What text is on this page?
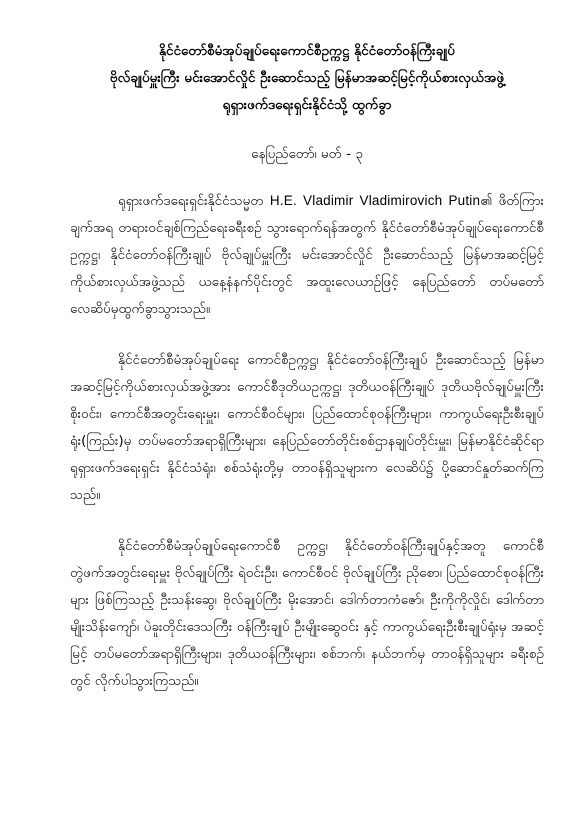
နိုင်ငံတော်စီမံအုပ်ချုပ်ရေးကောင်စီဥက္ကဋ္ဌ နိုင်ငံတော်ဝန်ကြီးချုပ်

ဗိုလ်ချုပ်မှူးကြီး မင်းအောင်လှိုင် ဦးဆောင်သည့် မြန်မာအဆင့်မြင့်ကိုယ်စားလှယ်အဖွဲ့

ရုရှားဖက်ဒရေးရှင်းနိုင်ငံသို့ ထွက်ခွာ

နေပြည်တော်၊ မတ် - ၃

ရုရှားဖက်ဒရေးရှင်းနိုင်ငံသမ္မတ H.E. Vladimir Vladimirovich Putin၏ ဖိတ်ကြားချက်အရ တရားဝင်ချစ်ကြည်ရေးခရီးစဉ် သွားရောက်ရန်အတွက် နိုင်ငံတော်စီမံအုပ်ချုပ်ရေးကောင်စီဥက္ကဋ္ဌ၊ နိုင်ငံတော်ဝန်ကြီးချုပ် ဗိုလ်ချုပ်မှူးကြီး မင်းအောင်လှိုင် ဦးဆောင်သည့် မြန်မာအဆင့်မြင့်ကိုယ်စားလှယ်အဖွဲ့သည် ယနေ့နံနက်ပိုင်းတွင် အထူးလေယာဉ်ဖြင့် နေပြည်တော် တပ်မတော်လေဆိပ်မှထွက်ခွာသွားသည်။

နိုင်ငံတော်စီမံအုပ်ချုပ်ရေး ကောင်စီဥက္ကဋ္ဌ၊ နိုင်ငံတော်ဝန်ကြီးချုပ် ဦးဆောင်သည့် မြန်မာအဆင့်မြင့်ကိုယ်စားလှယ်အဖွဲ့အား ကောင်စီဒုတိယဥက္ကဋ္ဌ၊ ဒုတိယဝန်ကြီးချုပ် ဒုတိယဗိုလ်ချုပ်မှူးကြီး စိုးဝင်း၊ ကောင်စီအတွင်းရေးမှူး၊ ကောင်စီဝင်များ၊ ပြည်ထောင်စုဝန်ကြီးများ၊ ကာကွယ်ရေးဦးစီးချုပ်ရုံး(ကြည်း)မှ တပ်မတော်အရာရှိကြီးများ၊ နေပြည်တော်တိုင်းစစ်ဌာနချုပ်တိုင်းမှူး၊ မြန်မာနိုင်ငံဆိုင်ရာ ရုရှားဖက်ဒရေးရှင်း နိုင်ငံသံရုံး၊ စစ်သံရုံးတို့မှ တာဝန်ရှိသူများက လေဆိပ်၌ ပို့ဆောင်နှုတ်ဆက်ကြသည်။

နိုင်ငံတော်စီမံအုပ်ချုပ်ရေးကောင်စီ ဥက္ကဋ္ဌ၊ နိုင်ငံတော်ဝန်ကြီးချုပ်နှင့်အတူ ကောင်စီတွဲဖက်အတွင်းရေးမှူး ဗိုလ်ချုပ်ကြီး ရဲဝင်းဦး၊ ကောင်စီဝင် ဗိုလ်ချုပ်ကြီး ညိုစော၊ ပြည်ထောင်စုဝန်ကြီးများ ဖြစ်ကြသည့် ဦးသန်းဆွေ၊ ဗိုလ်ချုပ်ကြီး မိုးအောင်၊ ဒေါက်တာကံဇော်၊ ဦးကိုကိုလှိုင်၊ ဒေါက်တာ မျိုးသိန်းကျော်၊ ပဲခူးတိုင်းဒေသကြီး ဝန်ကြီးချုပ် ဦးမျိုးဆွေဝင်း နှင့် ကာကွယ်ရေးဦးစီးချုပ်ရုံးမှ အဆင့်မြင့် တပ်မတော်အရာရှိကြီးများ၊ ဒုတိယဝန်ကြီးများ၊ စစ်ဘက်၊ နယ်ဘက်မှ တာဝန်ရှိသူများ ခရီးစဉ်တွင် လိုက်ပါသွားကြသည်။
